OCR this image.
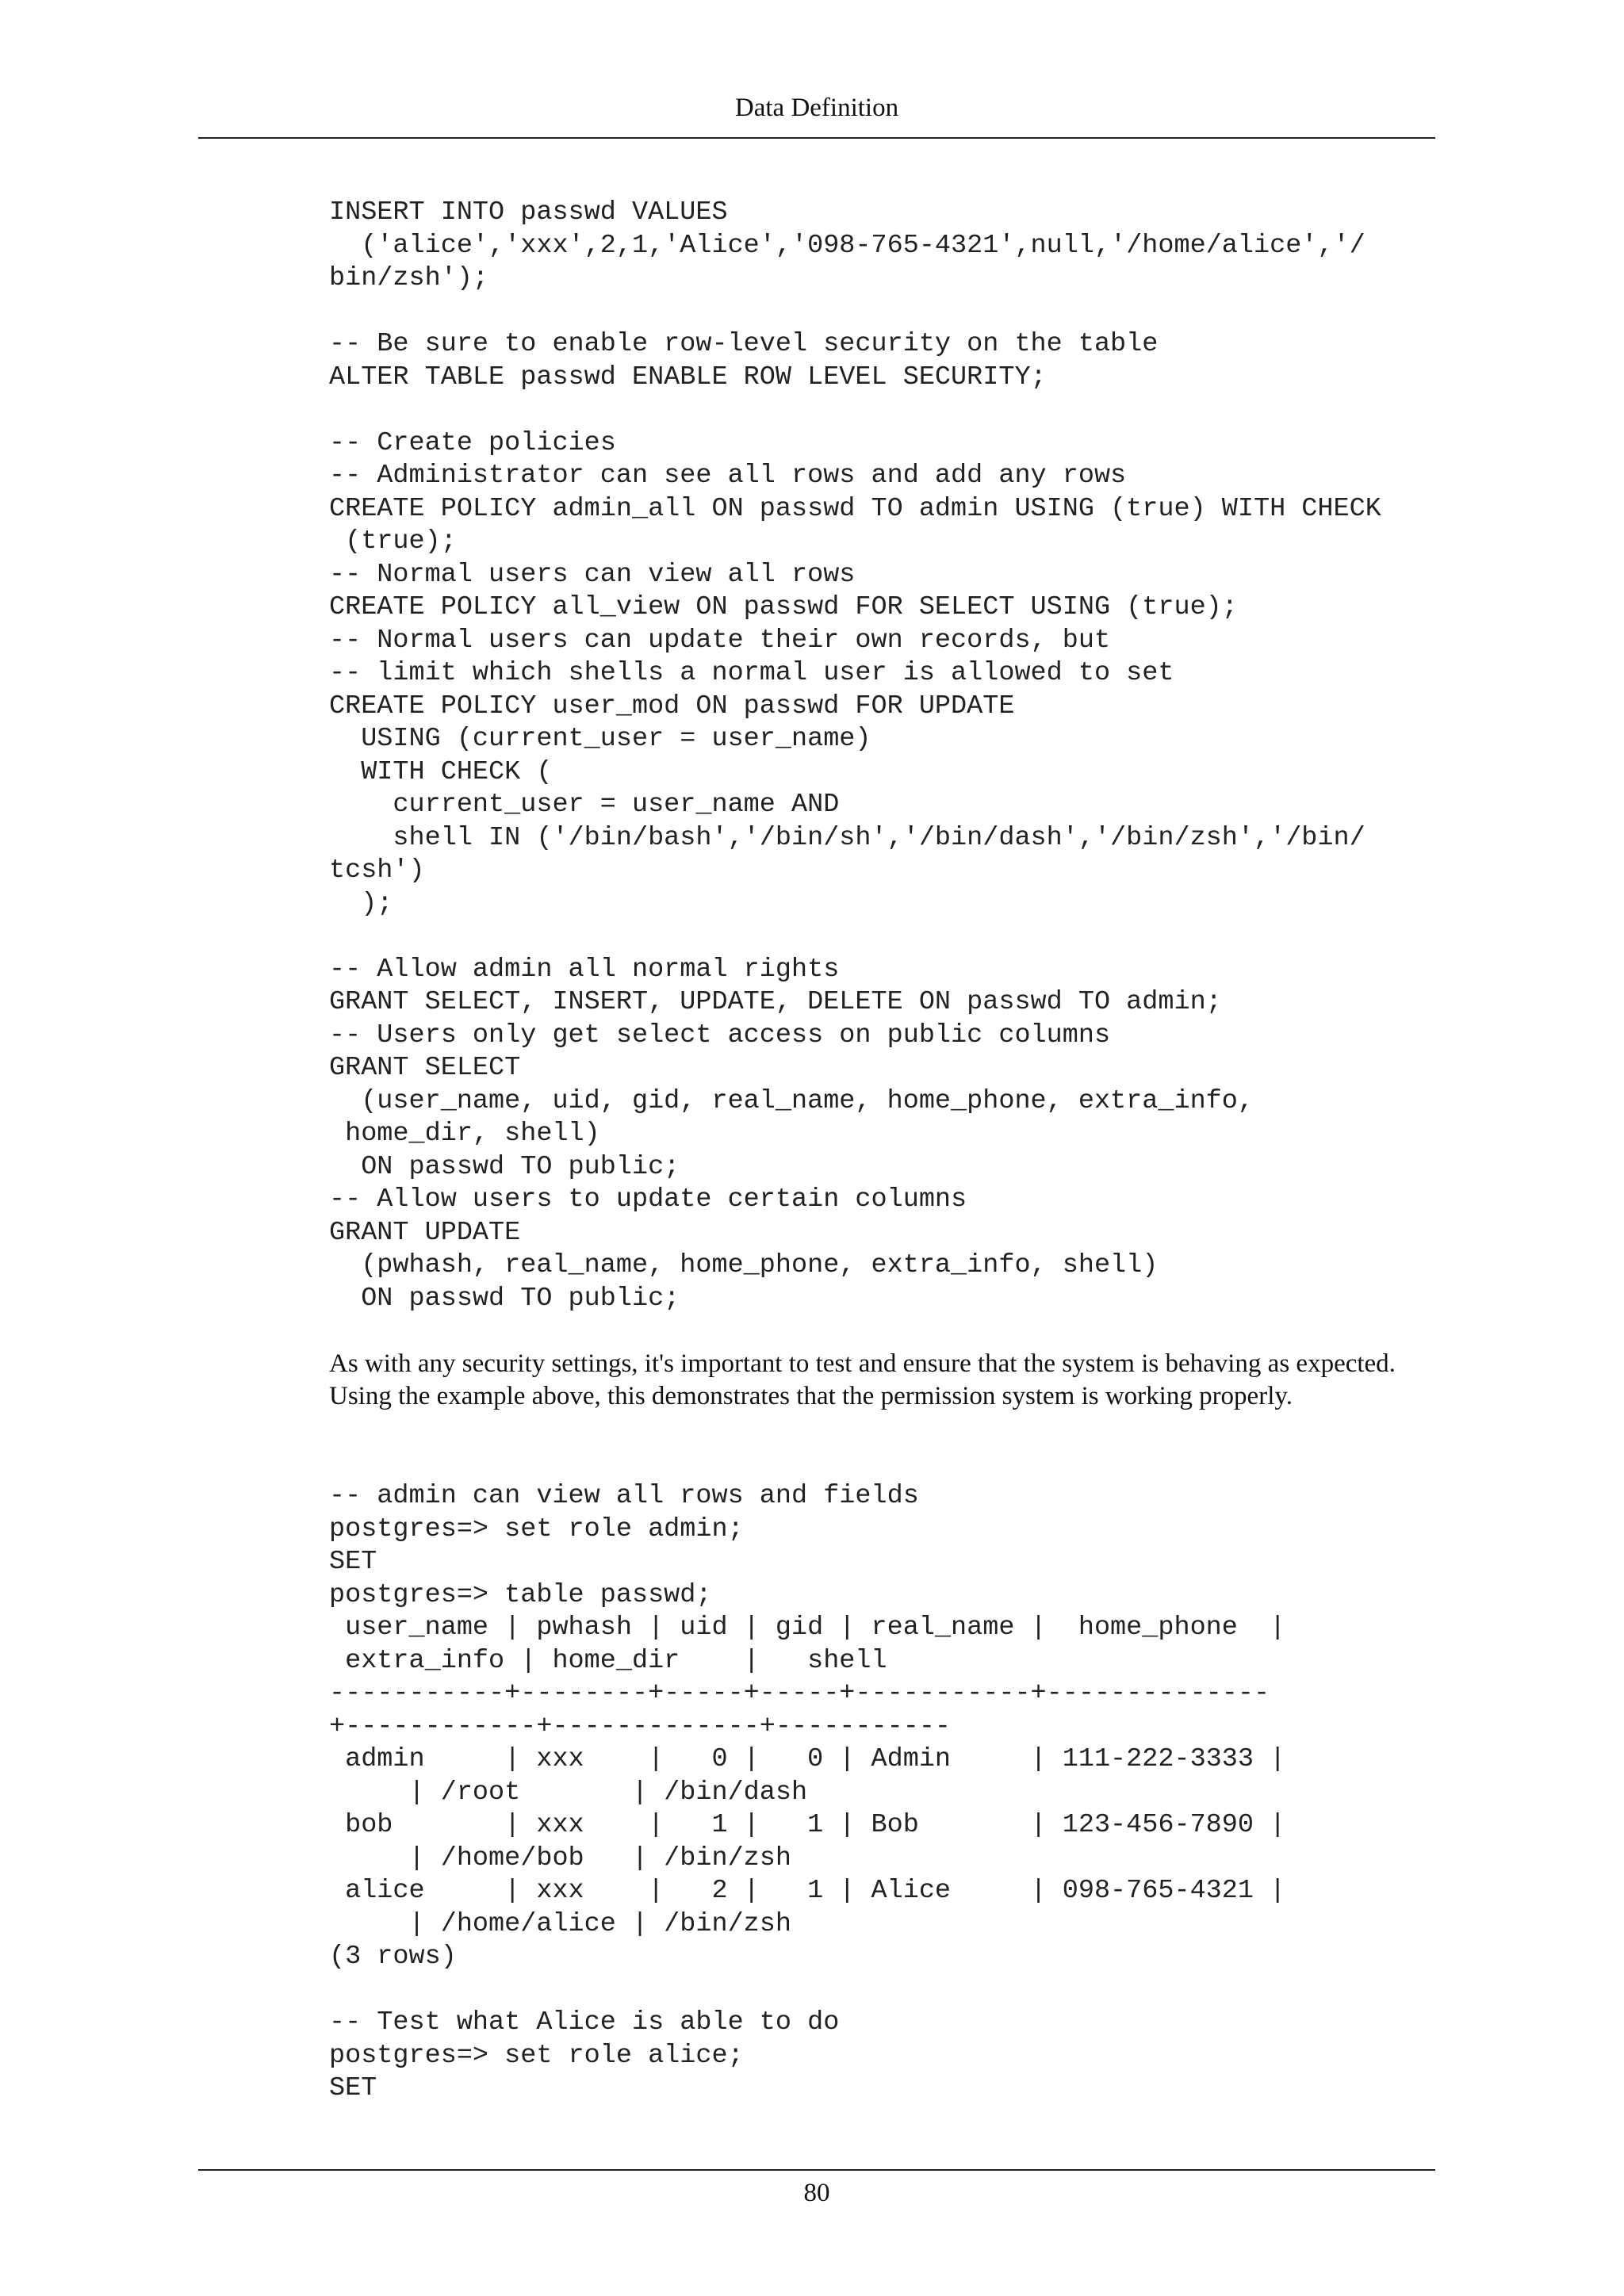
Data Definition
INSERT INTO passwd VALUES
('alice','xxx',2,1,'Alice','098-765-4321',null,'/home/alice','/
bin/zsh');

-- Be sure to enable row-level security on the table
ALTER TABLE passwd ENABLE ROW LEVEL SECURITY;

-- Create policies
-- Administrator can see all rows and add any rows
CREATE POLICY admin_all ON passwd TO admin USING (true) WITH CHECK
(true);
-- Normal users can view all rows
CREATE POLICY all_view ON passwd FOR SELECT USING (true);
-- Normal users can update their own records, but
-- limit which shells a normal user is allowed to set
CREATE POLICY user_mod ON passwd FOR UPDATE
USING (current_user = user_name)
WITH CHECK (
current_user = user_name AND
shell IN ('/bin/bash','/bin/sh','/bin/dash','/bin/zsh','/bin/
tcsh')
);

-- Allow admin all normal rights
GRANT SELECT, INSERT, UPDATE, DELETE ON passwd TO admin;
-- Users only get select access on public columns
GRANT SELECT
(user_name, uid, gid, real_name, home_phone, extra_info,
home_dir, shell)
ON passwd TO public;
-- Allow users to update certain columns
GRANT UPDATE
(pwhash, real_name, home_phone, extra_info, shell)
ON passwd TO public;

As with any security settings, it's important to test and ensure that the system is behaving as expected. Using the example above, this demonstrates that the permission system is working properly.

-- admin can view all rows and fields
postgres=> set role admin;
SET
postgres=> table passwd;
user_name | pwhash | uid | gid | real_name |  home_phone  |
extra_info | home_dir    |   shell
-----------+--------+-----+-----+-----------+--------------
+------------+-------------+-----------
admin     | xxx    |   0 |   0 | Admin     | 111-222-3333 |
| /root       | /bin/dash
bob       | xxx    |   1 |   1 | Bob       | 123-456-7890 |
| /home/bob   | /bin/zsh
alice     | xxx    |   2 |   1 | Alice     | 098-765-4321 |
| /home/alice | /bin/zsh
(3 rows)

-- Test what Alice is able to do
postgres=> set role alice;
SET

80
